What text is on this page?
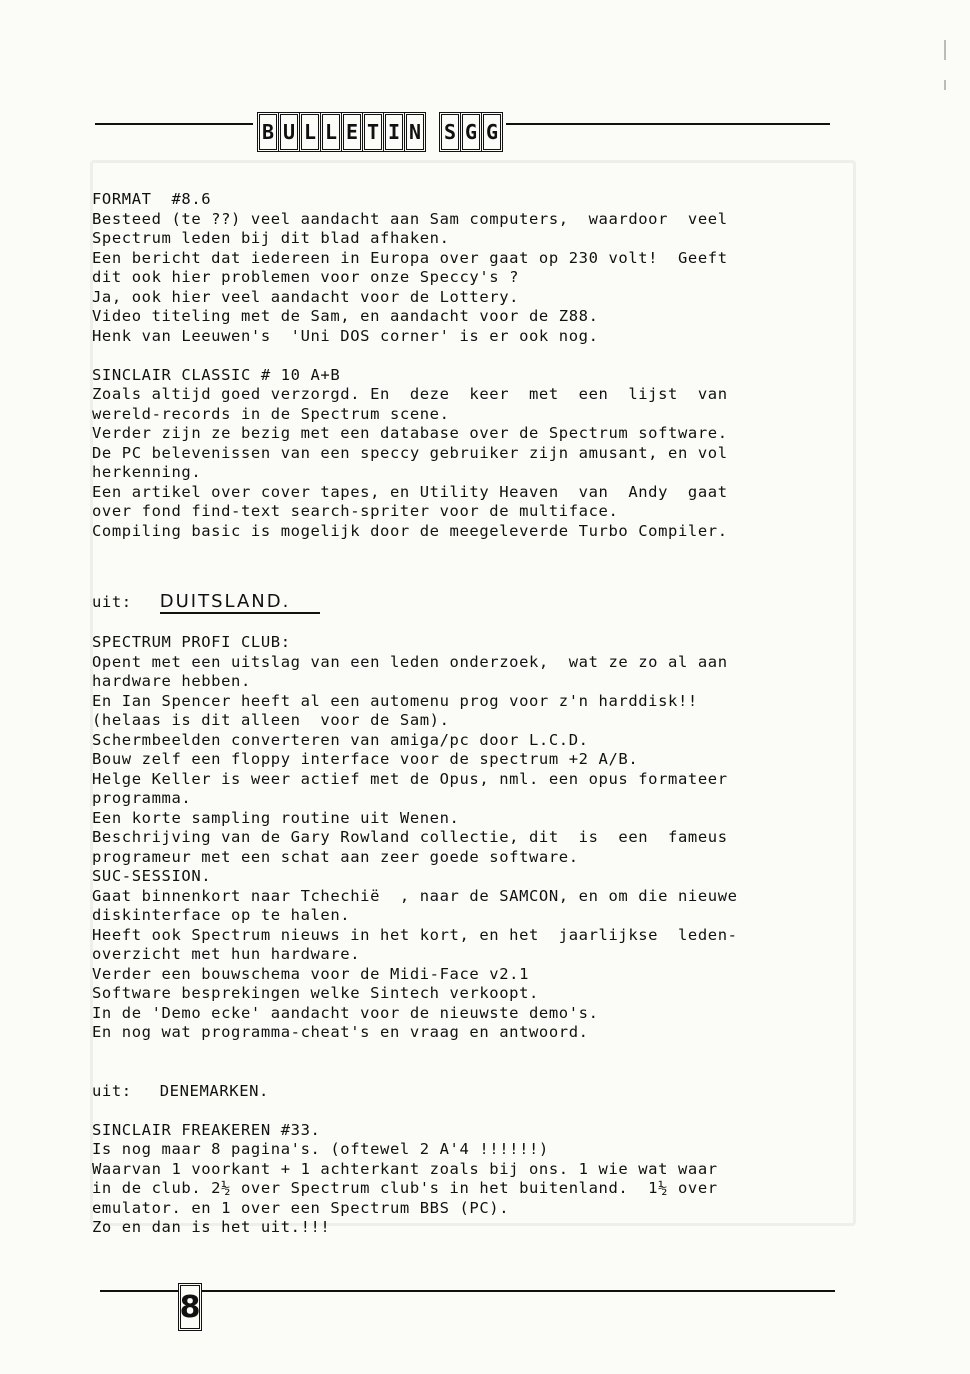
B U L L E T I N S G G
FORMAT  #8.6
Besteed (te ??) veel aandacht aan Sam computers,  waardoor  veel
Spectrum leden bij dit blad afhaken.
Een bericht dat iedereen in Europa over gaat op 230 volt!  Geeft
dit ook hier problemen voor onze Speccy's ?
Ja, ook hier veel aandacht voor de Lottery.
Video titeling met de Sam, en aandacht voor de Z88.
Henk van Leeuwen's  'Uni DOS corner' is er ook nog.
SINCLAIR CLASSIC # 10 A+B
Zoals altijd goed verzorgd. En  deze  keer  met  een  lijst  van
wereld-records in de Spectrum scene.
Verder zijn ze bezig met een database over de Spectrum software.
De PC belevenissen van een speccy gebruiker zijn amusant, en vol
herkenning.
Een artikel over cover tapes, en Utility Heaven  van  Andy  gaat
over fond find-text search-spriter voor de multiface.
Compiling basic is mogelijk door de meegeleverde Turbo Compiler.
uit: DUITSLAND.
SPECTRUM PROFI CLUB:
Opent met een uitslag van een leden onderzoek,  wat ze zo al aan
hardware hebben.
En Ian Spencer heeft al een automenu prog voor z'n harddisk!!
(helaas is dit alleen  voor de Sam).
Schermbeelden converteren van amiga/pc door L.C.D.
Bouw zelf een floppy interface voor de spectrum +2 A/B.
Helge Keller is weer actief met de Opus, nml. een opus formateer
programma.
Een korte sampling routine uit Wenen.
Beschrijving van de Gary Rowland collectie, dit  is  een  fameus
programeur met een schat aan zeer goede software.
SUC-SESSION.
Gaat binnenkort naar Tchechië  , naar de SAMCON, en om die nieuwe
diskinterface op te halen.
Heeft ook Spectrum nieuws in het kort, en het  jaarlijkse  leden-
overzicht met hun hardware.
Verder een bouwschema voor de Midi-Face v2.1
Software besprekingen welke Sintech verkoopt.
In de 'Demo ecke' aandacht voor de nieuwste demo's.
En nog wat programma-cheat's en vraag en antwoord.
uit: DENEMARKEN.
SINCLAIR FREAKEREN #33.
Is nog maar 8 pagina's. (oftewel 2 A'4 !!!!!!)
Waarvan 1 voorkant + 1 achterkant zoals bij ons. 1 wie wat waar
in de club. 2½ over Spectrum club's in het buitenland.  1½ over
emulator. en 1 over een Spectrum BBS (PC).
Zo en dan is het uit.!!!
8
